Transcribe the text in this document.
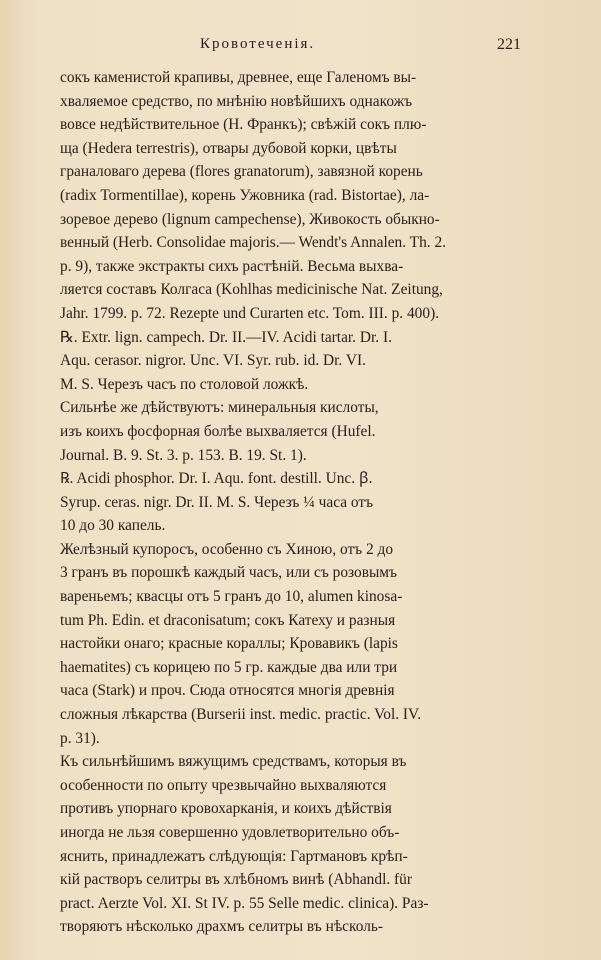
Кровотеченія.	221
сокъ каменистой крапивы, древнее, еще Галеномъ вы-
хваляемое средство, по мнѣнію новѣйшихъ однакожъ
вовсе недѣйствительное (H. Франкъ); свѣжій сокъ плю-
ща (Hedera terrestris), отвары дубовой корки, цвѣты
граналоваго дерева (flores granatorum), завязной корень
(radix Tormentillae), корень Ужовника (rad. Bistortae), ла-
зоревое дерево (lignum campechense), Живокость обыкно-
венный (Herb. Consolidae majoris.— Wendt's Annalen. Th. 2.
p. 9), также экстракты сихъ растѣній. Весьма выхва-
ляется составъ Колгаса (Kohlhas medicinische Nat. Zeitung,
Jahr. 1799. p. 72. Rezepte und Curarten etc. Tom. III. p. 400).
℞. Extr. lign. campech. Dr. II.—IV. Acidi tartar. Dr. I.
Aqu. cerasor. nigror. Unc. VI. Syr. rub. id. Dr. VI.
M. S. Черезъ часъ по столовой ложкѣ.
Сильнѣе же дѣйствуютъ: минеральныя кислоты,
изъ коихъ фосфорная болѣе выхваляется (Hufel.
Journal. B. 9. St. 3. p. 153. B. 19. St. 1).
℞. Acidi phosphor. Dr. I. Aqu. font. destill. Unc. ꞵ.
Syrup. ceras. nigr. Dr. II. M. S. Черезъ ¼ часа отъ
10 до 30 капель.
Желѣзный купоросъ, особенно съ Хиною, отъ 2 до
3 гранъ въ порошкѣ каждый часъ, или съ розовымъ
вареньемъ; квасцы отъ 5 гранъ до 10, alumen kinosa-
tum Ph. Edin. et draconisatum; сокъ Катеху и разныя
настойки онаго; красные кораллы; Кровавикъ (lapis
haematites) съ корицею по 5 гр. каждые два или три
часа (Stark) и проч. Сюда относятся многія древнія
сложныя лѣкарства (Burserii inst. medic. practic. Vol. IV.
p. 31).
Къ сильнѣйшимъ вяжущимъ средствамъ, которыя въ
особенности по опыту чрезвычайно выхваляются
противъ упорнаго кровохарканія, и коихъ дѣйствія
иногда не льзя совершенно удовлетворительно объ-
яснить, принадлежатъ слѣдующія: Гартмановъ крѣп-
кій растворъ селитры въ хлѣбномъ винѣ (Abhandl. für
pract. Aerzte Vol. XI. St IV. p. 55 Selle medic. clinica). Раз-
творяютъ нѣсколько драхмъ селитры въ нѣсколь-
